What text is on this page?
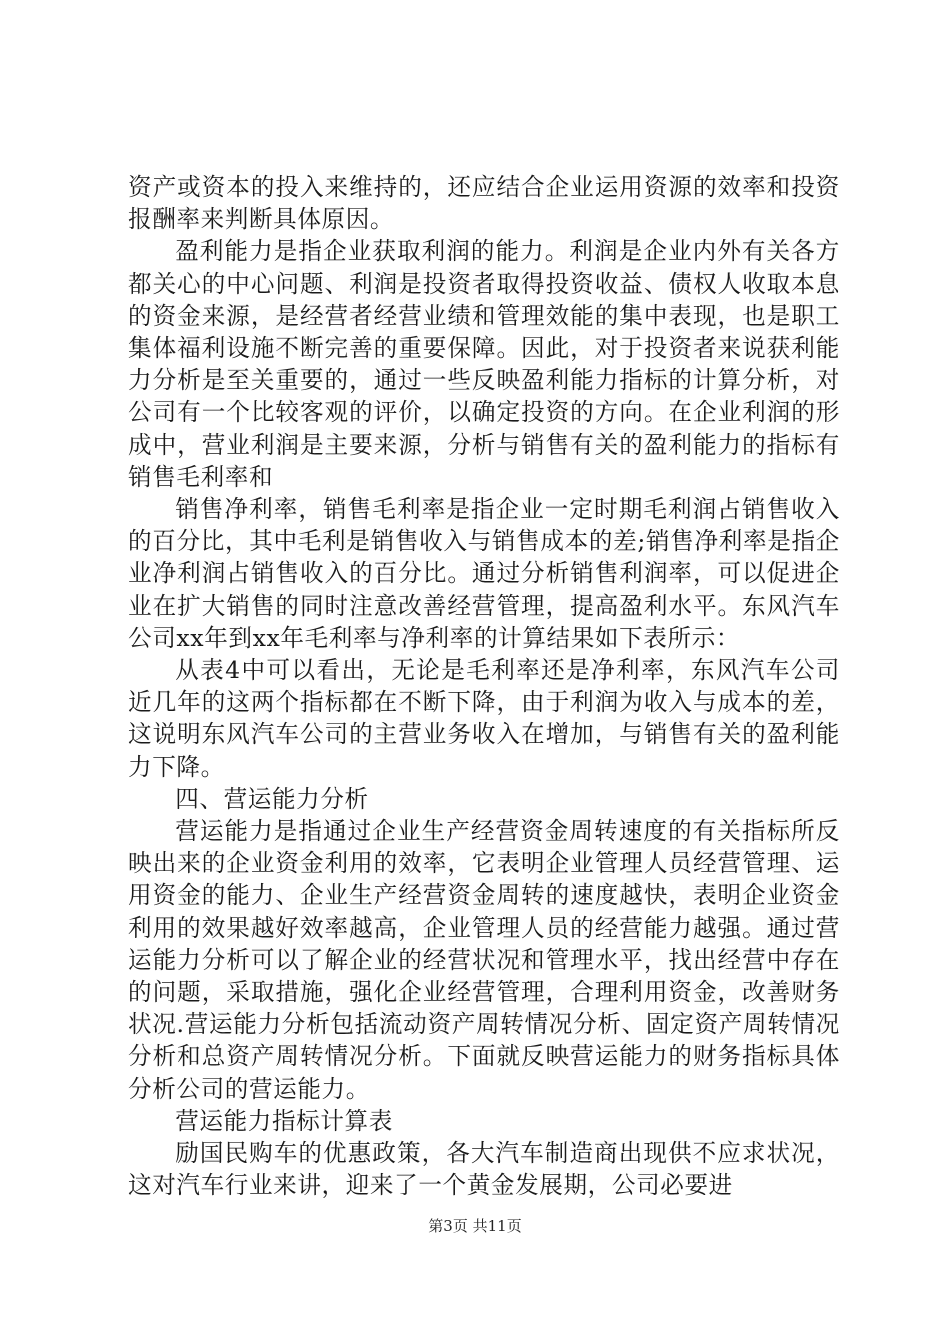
资产或资本的投入来维持的，还应结合企业运用资源的效率和投资报酬率来判断具体原因。

盈利能力是指企业获取利润的能力。利润是企业内外有关各方都关心的中心问题、利润是投资者取得投资收益、债权人收取本息的资金来源，是经营者经营业绩和管理效能的集中表现，也是职工集体福利设施不断完善的重要保障。因此，对于投资者来说获利能力分析是至关重要的，通过一些反映盈利能力指标的计算分析，对公司有一个比较客观的评价，以确定投资的方向。在企业利润的形成中，营业利润是主要来源，分析与销售有关的盈利能力的指标有销售毛利率和

销售净利率，销售毛利率是指企业一定时期毛利润占销售收入的百分比，其中毛利是销售收入与销售成本的差;销售净利率是指企业净利润占销售收入的百分比。通过分析销售利润率，可以促进企业在扩大销售的同时注意改善经营管理，提高盈利水平。东风汽车公司xx年到xx年毛利率与净利率的计算结果如下表所示：

从表4中可以看出，无论是毛利率还是净利率，东风汽车公司近几年的这两个指标都在不断下降，由于利润为收入与成本的差，这说明东风汽车公司的主营业务收入在增加，与销售有关的盈利能力下降。

四、营运能力分析

营运能力是指通过企业生产经营资金周转速度的有关指标所反映出来的企业资金利用的效率，它表明企业管理人员经营管理、运用资金的能力、企业生产经营资金周转的速度越快，表明企业资金利用的效果越好效率越高，企业管理人员的经营能力越强。通过营运能力分析可以了解企业的经营状况和管理水平，找出经营中存在的问题，采取措施，强化企业经营管理，合理利用资金，改善财务状况.营运能力分析包括流动资产周转情况分析、固定资产周转情况分析和总资产周转情况分析。下面就反映营运能力的财务指标具体分析公司的营运能力。

营运能力指标计算表

励国民购车的优惠政策，各大汽车制造商出现供不应求状况，这对汽车行业来讲，迎来了一个黄金发展期，公司必要进

第3页 共11页
